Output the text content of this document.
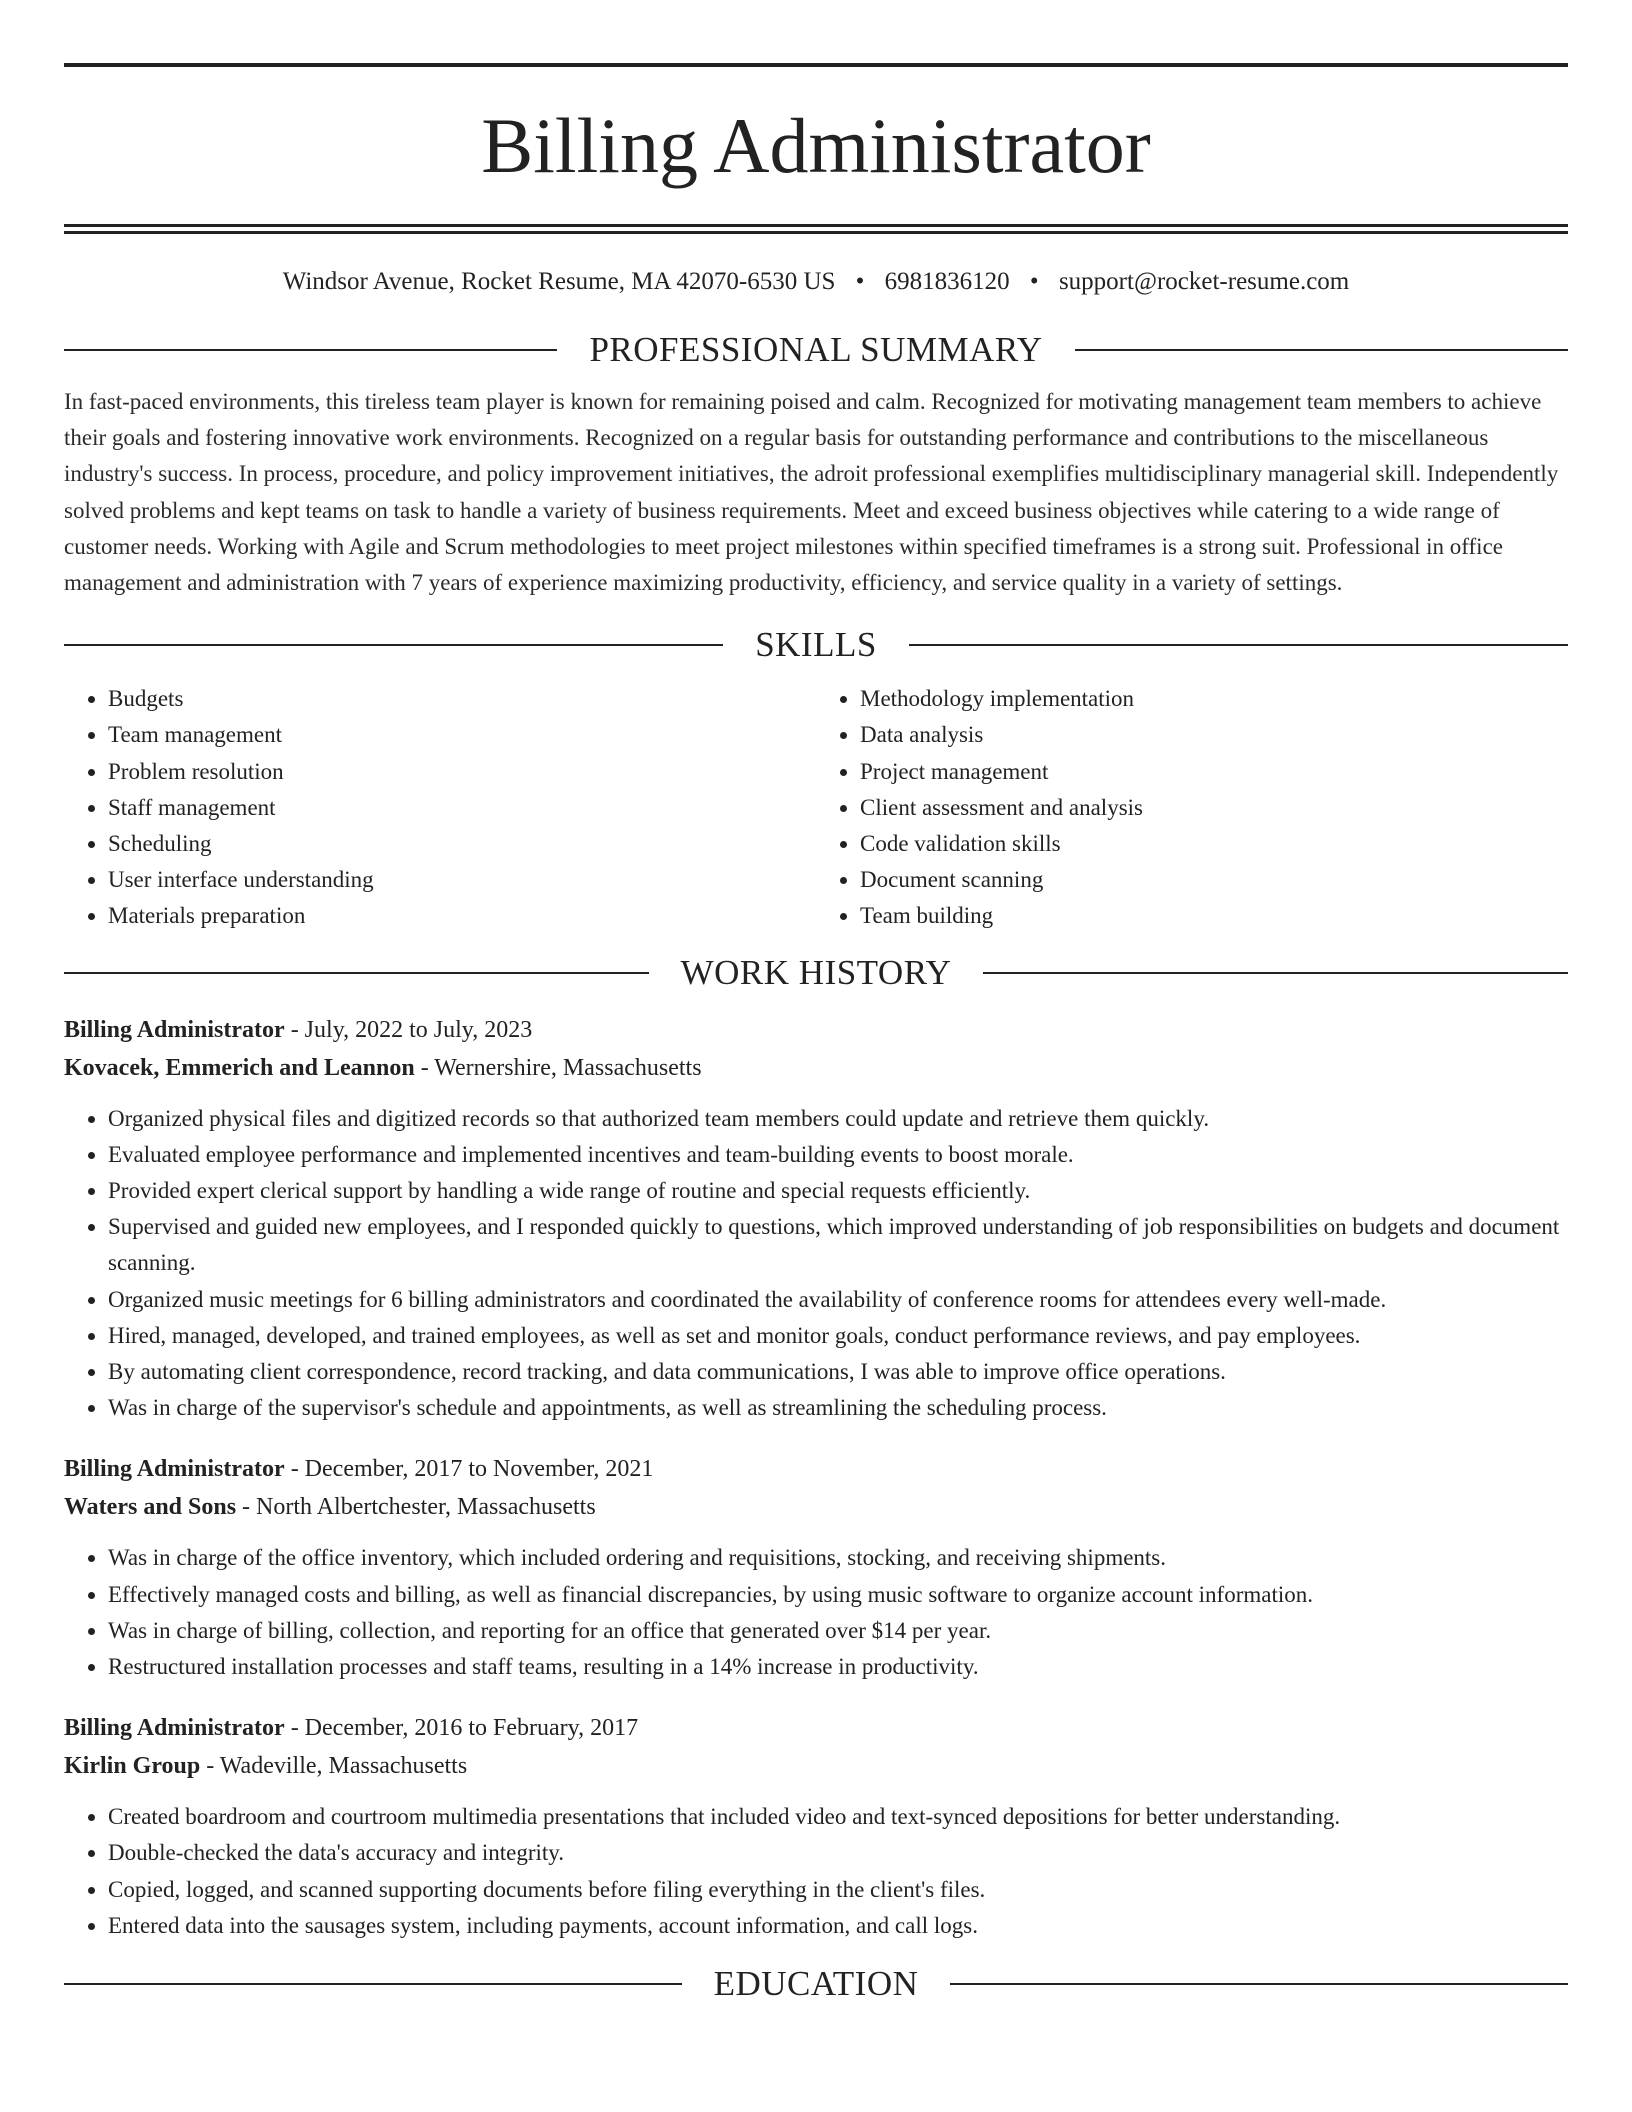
Billing Administrator
Windsor Avenue, Rocket Resume, MA 42070-6530 US • 6981836120 • support@rocket-resume.com
PROFESSIONAL SUMMARY
In fast-paced environments, this tireless team player is known for remaining poised and calm. Recognized for motivating management team members to achieve their goals and fostering innovative work environments. Recognized on a regular basis for outstanding performance and contributions to the miscellaneous industry's success. In process, procedure, and policy improvement initiatives, the adroit professional exemplifies multidisciplinary managerial skill. Independently solved problems and kept teams on task to handle a variety of business requirements. Meet and exceed business objectives while catering to a wide range of customer needs. Working with Agile and Scrum methodologies to meet project milestones within specified timeframes is a strong suit. Professional in office management and administration with 7 years of experience maximizing productivity, efficiency, and service quality in a variety of settings.
SKILLS
• Budgets
• Team management
• Problem resolution
• Staff management
• Scheduling
• User interface understanding
• Materials preparation
• Methodology implementation
• Data analysis
• Project management
• Client assessment and analysis
• Code validation skills
• Document scanning
• Team building
WORK HISTORY
Billing Administrator - July, 2022 to July, 2023
Kovacek, Emmerich and Leannon - Wernershire, Massachusetts
• Organized physical files and digitized records so that authorized team members could update and retrieve them quickly.
• Evaluated employee performance and implemented incentives and team-building events to boost morale.
• Provided expert clerical support by handling a wide range of routine and special requests efficiently.
• Supervised and guided new employees, and I responded quickly to questions, which improved understanding of job responsibilities on budgets and document scanning.
• Organized music meetings for 6 billing administrators and coordinated the availability of conference rooms for attendees every well-made.
• Hired, managed, developed, and trained employees, as well as set and monitor goals, conduct performance reviews, and pay employees.
• By automating client correspondence, record tracking, and data communications, I was able to improve office operations.
• Was in charge of the supervisor's schedule and appointments, as well as streamlining the scheduling process.
Billing Administrator - December, 2017 to November, 2021
Waters and Sons - North Albertchester, Massachusetts
• Was in charge of the office inventory, which included ordering and requisitions, stocking, and receiving shipments.
• Effectively managed costs and billing, as well as financial discrepancies, by using music software to organize account information.
• Was in charge of billing, collection, and reporting for an office that generated over $14 per year.
• Restructured installation processes and staff teams, resulting in a 14% increase in productivity.
Billing Administrator - December, 2016 to February, 2017
Kirlin Group - Wadeville, Massachusetts
• Created boardroom and courtroom multimedia presentations that included video and text-synced depositions for better understanding.
• Double-checked the data's accuracy and integrity.
• Copied, logged, and scanned supporting documents before filing everything in the client's files.
• Entered data into the sausages system, including payments, account information, and call logs.
EDUCATION
